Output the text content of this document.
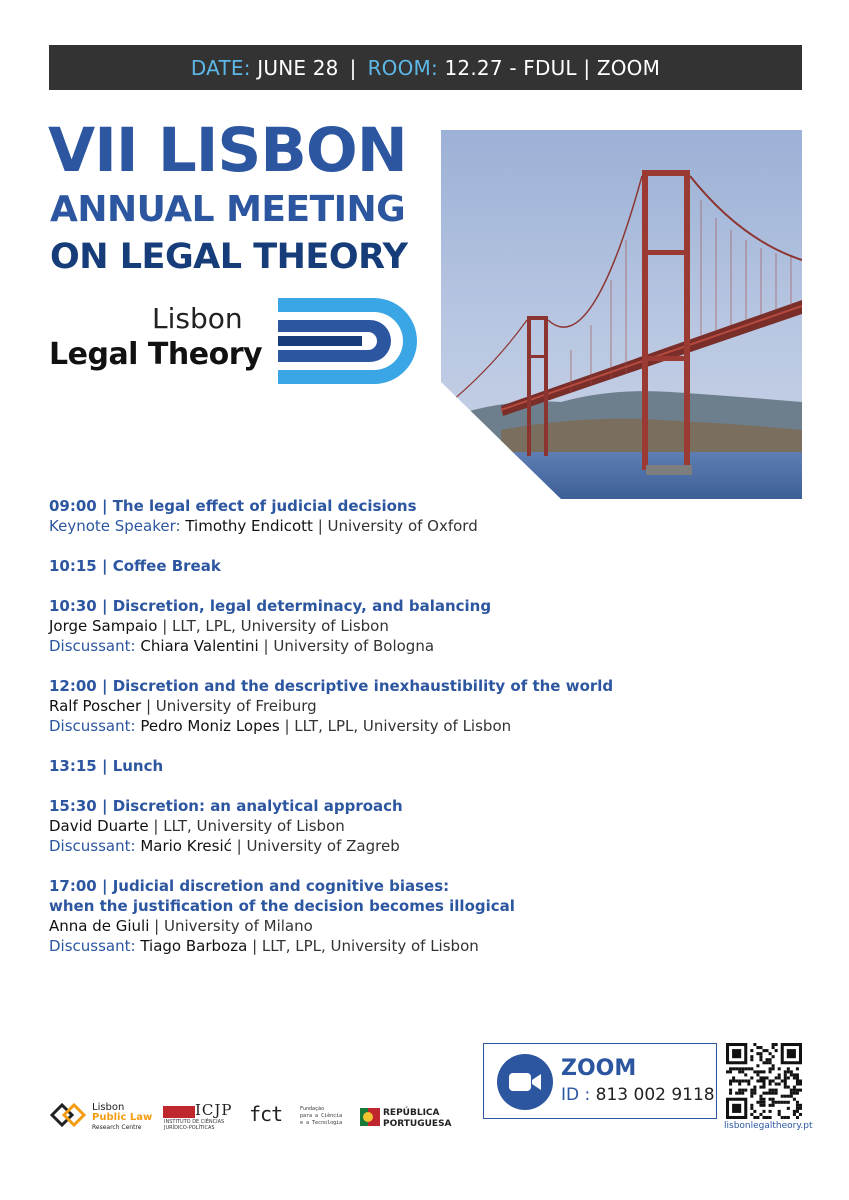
DATE:
JUNE 28 | ROOM:
12.27 - FDUL | ZOOM
VII LISBON
ANNUAL MEETING
ON LEGAL THEORY
Lisbon
Legal Theory
09:00 | The legal effect of judicial decisions
Keynote Speaker: Timothy Endicott | University of Oxford
10:15 | Coffee Break
10:30 | Discretion, legal determinacy, and balancing
Jorge Sampaio | LLT, LPL, University of Lisbon
Discussant: Chiara Valentini | University of Bologna
12:00 | Discretion and the descriptive inexhaustibility of the world
Ralf Poscher | University of Freiburg
Discussant: Pedro Moniz Lopes | LLT, LPL, University of Lisbon
13:15 | Lunch
15:30 | Discretion: an analytical approach
David Duarte | LLT, University of Lisbon
Discussant: Mario Kresić | University of Zagreb
17:00 | Judicial discretion and cognitive biases:
when the justification of the decision becomes illogical
Anna de Giuli | University of Milano
Discussant: Tiago Barboza | LLT, LPL, University of Lisbon
ZOOM
ID : 813 002 9118
lisbonlegaltheory.pt
Lisbon
Public Law
Research Centre
ICJP
INSTITUTO DE CIÊNCIAS JURÍDICO-POLÍTICAS
fct	Fundação
para a Ciência
e a Tecnologia
REPÚBLICA
PORTUGUESA
